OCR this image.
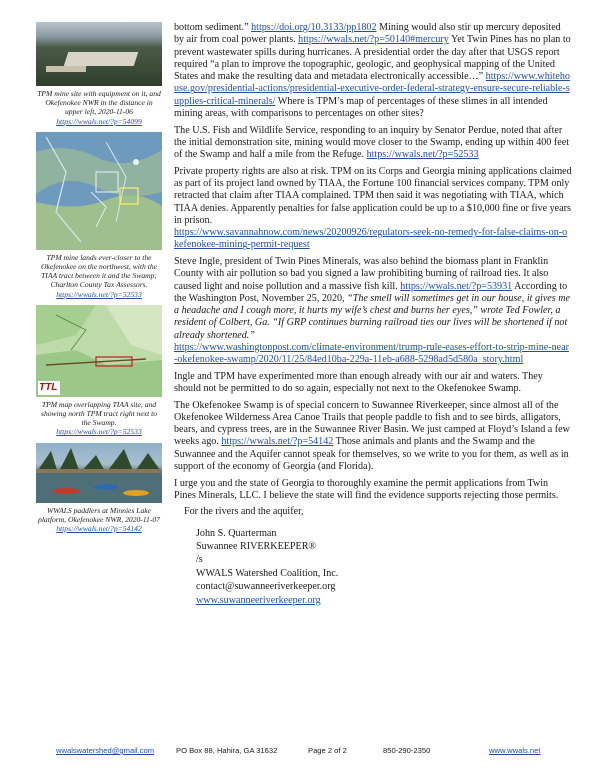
TPM mine site with equipment on it, and Okefenokee NWR in the distance in upper left, 2020-11-06
https://wwals.net/?p=54099
TPM mine lands ever-closer to the Okefenokee on the northwest, with the TIAA tract between it and the Swamp; Charlton County Tax Assessors.
https://wwals.net/?p=52533
TTL
TPM map overlapping TIAA site, and showing north TPM tract right next to the Swamp.
https://wwals.net/?p=52533
WWALS paddlers at Minnies Lake platform, Okefenokee NWR, 2020-11-07
https://wwals.net/?p=54142

bottom sediment.” https://doi.org/10.3133/pp1802 Mining would also stir up mercury deposited by air from coal power plants. https://wwals.net/?p=50140#mercury Yet Twin Pines has no plan to prevent wastewater spills during hurricanes. A presidential order the day after that USGS report required “a plan to improve the topographic, geologic, and geophysical mapping of the United States and make the resulting data and metadata electronically accessible…” https://www.whitehouse.gov/presidential-actions/presidential-executive-order-federal-strategy-ensure-secure-reliable-supplies-critical-minerals/ Where is TPM’s map of percentages of these slimes in all intended mining areas, with comparisons to percentages on other sites?

The U.S. Fish and Wildlife Service, responding to an inquiry by Senator Perdue, noted that after the initial demonstration site, mining would move closer to the Swamp, ending up within 400 feet of the Swamp and half a mile from the Refuge. https://wwals.net/?p=52533

Private property rights are also at risk. TPM on its Corps and Georgia mining applications claimed as part of its project land owned by TIAA, the Fortune 100 financial services company. TPM only retracted that claim after TIAA complained. TPM then said it was negotiating with TIAA, which TIAA denies. Apparently penalties for false application could be up to a $10,000 fine or five years in prison.
https://www.savannahnow.com/news/20200926/regulators-seek-no-remedy-for-false-claims-on-okefenokee-mining-permit-request

Steve Ingle, president of Twin Pines Minerals, was also behind the biomass plant in Franklin County with air pollution so bad you signed a law prohibiting burning of railroad ties. It also caused light and noise pollution and a massive fish kill. https://wwals.net/?p=53931 According to the Washington Post, November 25, 2020, “The smell will sometimes get in our house, it gives me a headache and I cough more, it hurts my wife’s chest and burns her eyes,” wrote Ted Fowler, a resident of Colbert, Ga. “If GRP continues burning railroad ties our lives will be shortened if not already shortened.”
https://www.washingtonpost.com/climate-environment/trump-rule-eases-effort-to-strip-mine-near-okefenokee-swamp/2020/11/25/84ed10ba-229a-11eb-a688-5298ad5d580a_story.html

Ingle and TPM have experimented more than enough already with our air and waters. They should not be permitted to do so again, especially not next to the Okefenokee Swamp.

The Okefenokee Swamp is of special concern to Suwannee Riverkeeper, since almost all of the Okefenokee Wilderness Area Canoe Trails that people paddle to fish and to see birds, alligators, bears, and cypress trees, are in the Suwannee River Basin. We just camped at Floyd’s Island a few weeks ago. https://wwals.net/?p=54142 Those animals and plants and the Swamp and the Suwannee and the Aquifer cannot speak for themselves, so we write to you for them, as well as in support of the economy of Georgia (and Florida).

I urge you and the state of Georgia to thoroughly examine the permit applications from Twin Pines Minerals, LLC. I believe the state will find the evidence supports rejecting those permits.

For the rivers and the aquifer,
John S. Quarterman
Suwannee RIVERKEEPER®
/s
WWALS Watershed Coalition, Inc.
contact@suwanneeriverkeeper.org
www.suwanneeriverkeeper.org
wwalswatershed@gmail.com	PO Box 88, Hahira, GA 31632	Page 2 of 2	850-290-2350	www.wwals.net
